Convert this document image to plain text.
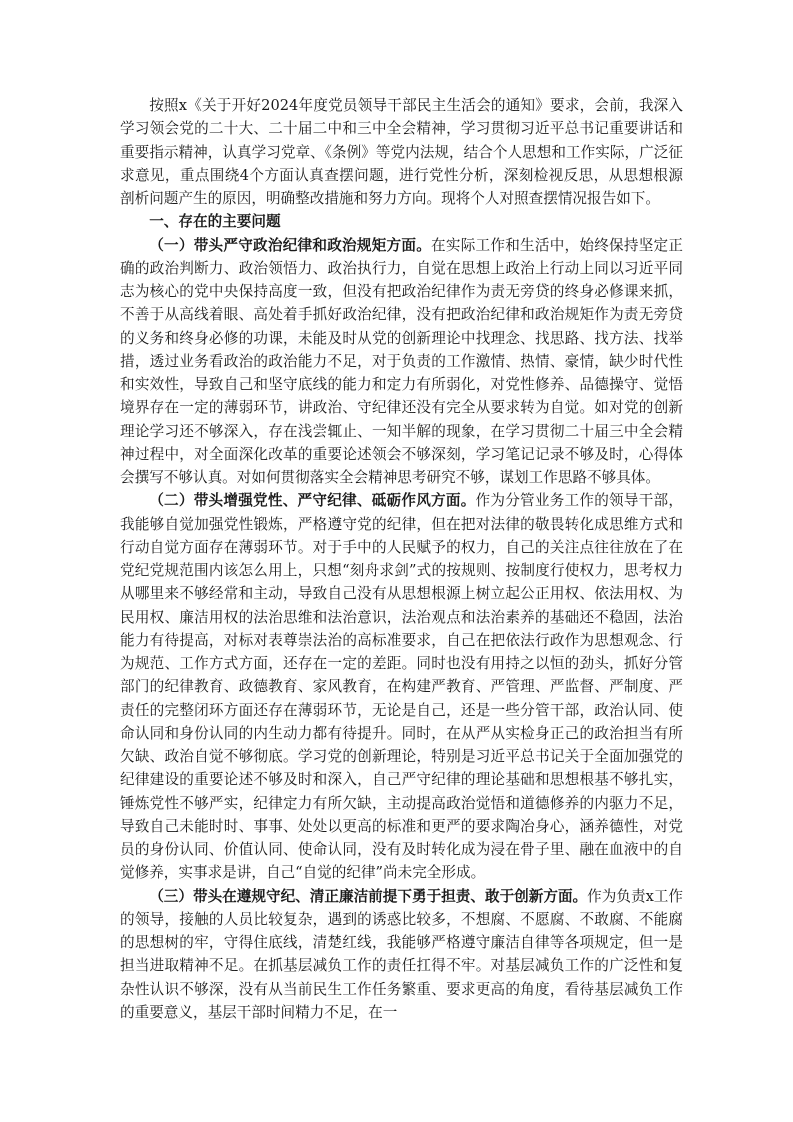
按照x《关于开好2024年度党员领导干部民主生活会的通知》要求，会前，我深入学习领会党的二十大、二十届二中和三中全会精神，学习贯彻习近平总书记重要讲话和重要指示精神，认真学习党章、《条例》等党内法规，结合个人思想和工作实际，广泛征求意见，重点围绕4个方面认真查摆问题，进行党性分析，深刻检视反思，从思想根源剖析问题产生的原因，明确整改措施和努力方向。现将个人对照查摆情况报告如下。

一、存在的主要问题

（一）带头严守政治纪律和政治规矩方面。在实际工作和生活中，始终保持坚定正确的政治判断力、政治领悟力、政治执行力，自觉在思想上政治上行动上同以习近平同志为核心的党中央保持高度一致，但没有把政治纪律作为责无旁贷的终身必修课来抓，不善于从高线着眼、高处着手抓好政治纪律，没有把政治纪律和政治规矩作为责无旁贷的义务和终身必修的功课，未能及时从党的创新理论中找理念、找思路、找方法、找举措，透过业务看政治的政治能力不足，对于负责的工作激情、热情、豪情，缺少时代性和实效性，导致自己和坚守底线的能力和定力有所弱化，对党性修养、品德操守、觉悟境界存在一定的薄弱环节，讲政治、守纪律还没有完全从要求转为自觉。如对党的创新理论学习还不够深入，存在浅尝辄止、一知半解的现象，在学习贯彻二十届三中全会精神过程中，对全面深化改革的重要论述领会不够深刻，学习笔记记录不够及时，心得体会撰写不够认真。对如何贯彻落实全会精神思考研究不够，谋划工作思路不够具体。

（二）带头增强党性、严守纪律、砥砺作风方面。作为分管业务工作的领导干部，我能够自觉加强党性锻炼，严格遵守党的纪律，但在把对法律的敬畏转化成思维方式和行动自觉方面存在薄弱环节。对于手中的人民赋予的权力，自己的关注点往往放在了在党纪党规范围内该怎么用上，只想“刻舟求剑”式的按规则、按制度行使权力，思考权力从哪里来不够经常和主动，导致自己没有从思想根源上树立起公正用权、依法用权、为民用权、廉洁用权的法治思维和法治意识，法治观点和法治素养的基础还不稳固，法治能力有待提高，对标对表尊崇法治的高标准要求，自己在把依法行政作为思想观念、行为规范、工作方式方面，还存在一定的差距。同时也没有用持之以恒的劲头，抓好分管部门的纪律教育、政德教育、家风教育，在构建严教育、严管理、严监督、严制度、严责任的完整闭环方面还存在薄弱环节，无论是自己，还是一些分管干部，政治认同、使命认同和身份认同的内生动力都有待提升。同时，在从严从实检身正己的政治担当有所欠缺、政治自觉不够彻底。学习党的创新理论，特别是习近平总书记关于全面加强党的纪律建设的重要论述不够及时和深入，自己严守纪律的理论基础和思想根基不够扎实，锤炼党性不够严实，纪律定力有所欠缺，主动提高政治觉悟和道德修养的内驱力不足，导致自己未能时时、事事、处处以更高的标准和更严的要求陶冶身心，涵养德性，对党员的身份认同、价值认同、使命认同，没有及时转化成为浸在骨子里、融在血液中的自觉修养，实事求是讲，自己“自觉的纪律”尚未完全形成。

（三）带头在遵规守纪、清正廉洁前提下勇于担责、敢于创新方面。作为负责x工作的领导，接触的人员比较复杂，遇到的诱惑比较多，不想腐、不愿腐、不敢腐、不能腐的思想树的牢，守得住底线，清楚红线，我能够严格遵守廉洁自律等各项规定，但一是担当进取精神不足。在抓基层减负工作的责任扛得不牢。对基层减负工作的广泛性和复杂性认识不够深，没有从当前民生工作任务繁重、要求更高的角度，看待基层减负工作的重要意义，基层干部时间精力不足，在一
